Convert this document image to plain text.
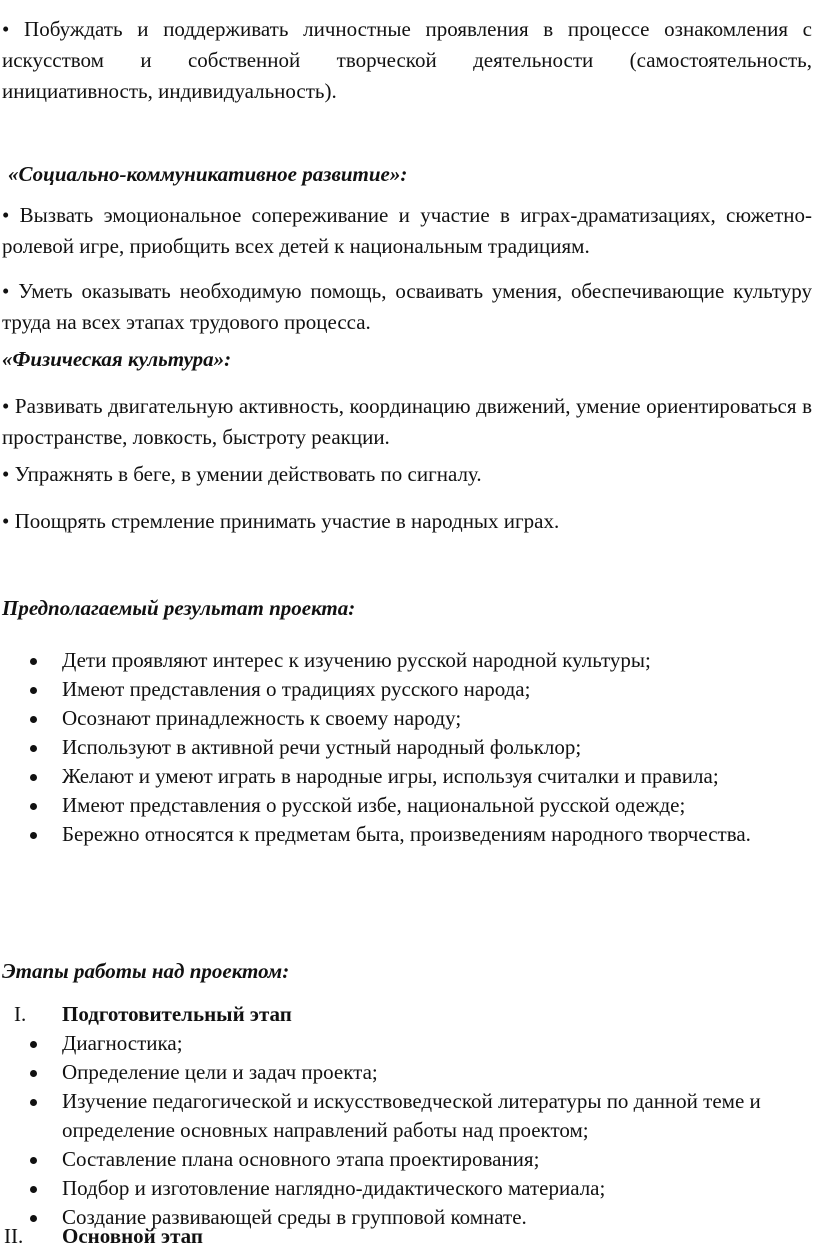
• Побуждать и поддерживать личностные проявления в процессе ознакомления с искусством и собственной творческой деятельности (самостоятельность, инициативность, индивидуальность).

«Социально-коммуникативное развитие»:

• Вызвать эмоциональное сопереживание и участие в играх-драматизациях, сюжетно-ролевой игре, приобщить всех детей к национальным традициям.

• Уметь оказывать необходимую помощь, осваивать умения, обеспечивающие культуру труда на всех этапах трудового процесса.

«Физическая культура»:

• Развивать двигательную активность, координацию движений, умение ориентироваться в пространстве, ловкость, быстроту реакции.

• Упражнять в беге, в умении действовать по сигналу.

• Поощрять стремление принимать участие в народных играх.

Предполагаемый результат проекта:

Дети проявляют интерес к изучению русской народной культуры;
Имеют представления о традициях русского народа;
Осознают принадлежность к своему народу;
Используют в активной речи устный народный фольклор;
Желают и умеют играть в народные игры, используя считалки и правила;
Имеют представления о русской избе, национальной русской одежде;
Бережно относятся к предметам быта, произведениям народного творчества.

Этапы работы над проектом:

I. Подготовительный этап

Диагностика;
Определение цели и задач проекта;
Изучение педагогической и искусствоведческой литературы по данной теме и определение основных направлений работы над проектом;
Составление плана основного этапа проектирования;
Подбор и изготовление наглядно-дидактического материала;
Создание развивающей среды в групповой комнате.

II. Основной этап
